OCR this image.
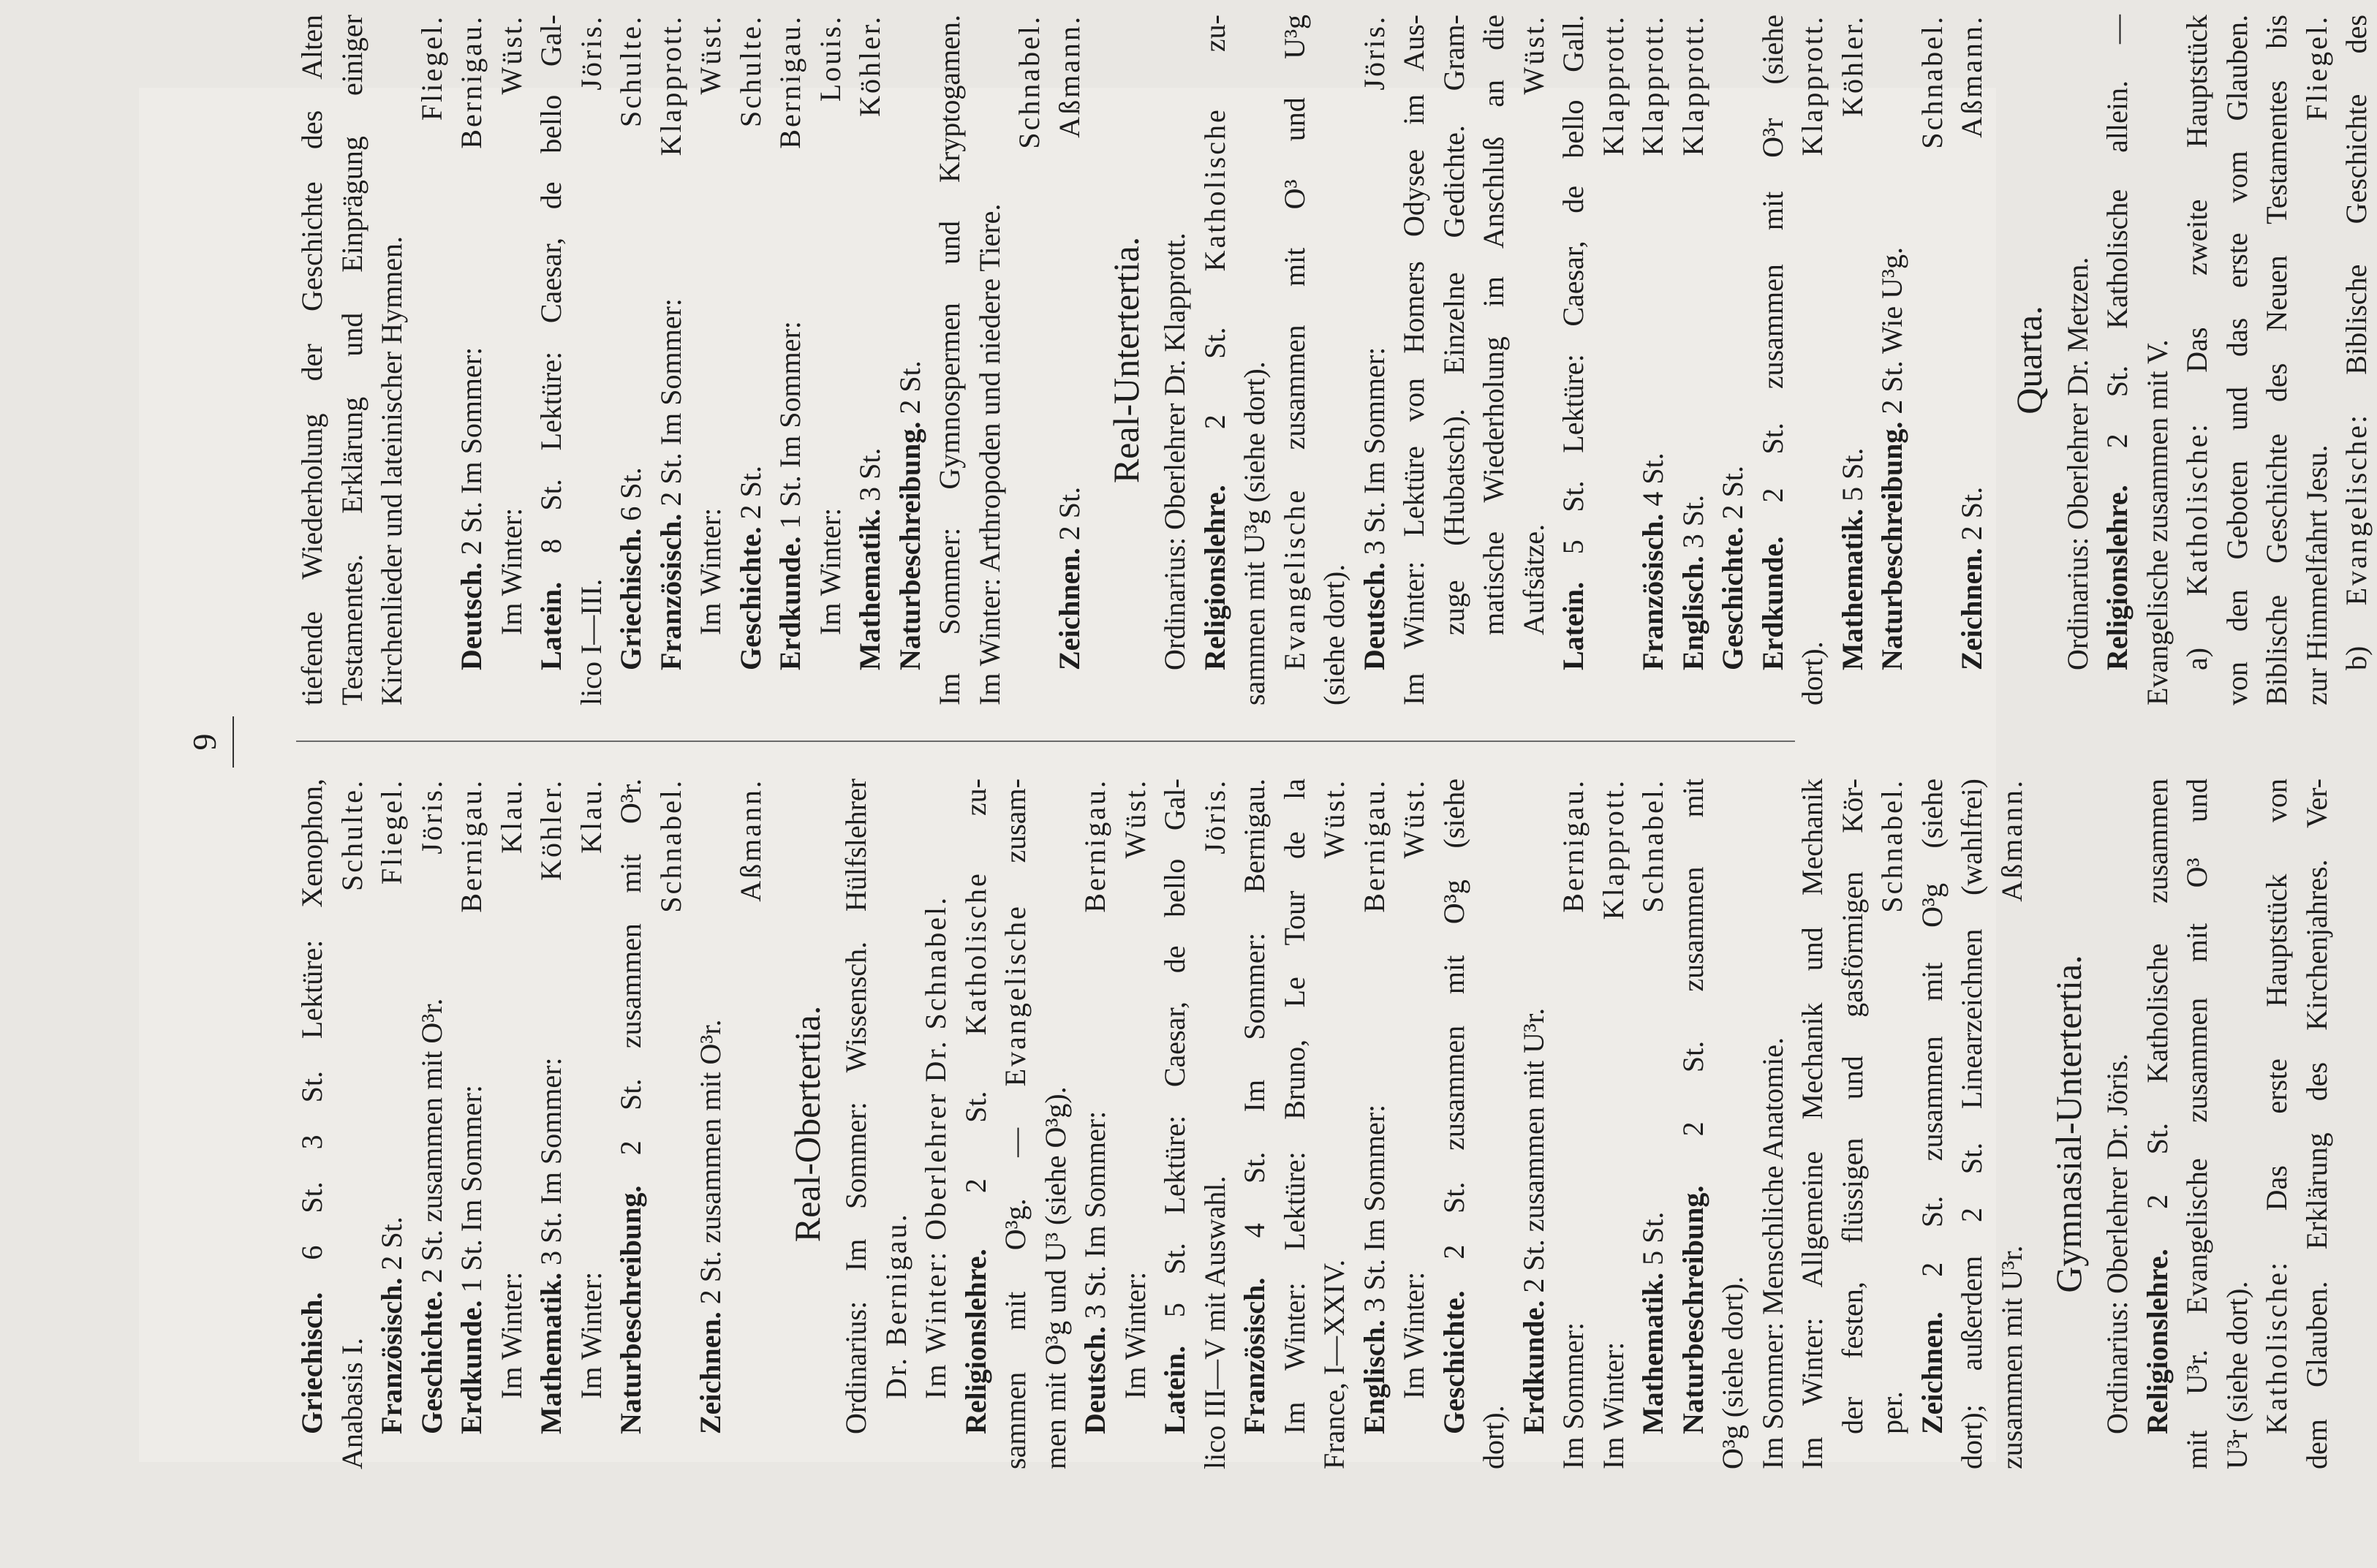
9
Griechisch. 6 St. 3 St. Lektüre: Xenophon,
Anabasis I.
Schulte.
Französisch. 2 St.
Fliegel.
Geschichte. 2 St. zusammen mit O³r.
Jöris.
Erdkunde. 1 St. Im Sommer:
Bernigau.
Im Winter:
Klau.
Mathematik. 3 St. Im Sommer:
Köhler.
Im Winter:
Klau.
Naturbeschreibung. 2 St. zusammen mit O³r. Schnabel.
Zeichnen. 2 St. zusammen mit O³r.
Aßmann.
Real-Obertertia. Ordinarius: Im Sommer: Wissensch. Hülfslehrer Dr. Bernigau. Im Winter: Oberlehrer Dr. Schnabel. Religionslehre. 2 St. Katholische zu-
sammen mit O³g. — Evangelische zusam-
men mit O³g und U³ (siehe O³g). Deutsch. 3 St. Im Sommer:
Bernigau.
Im Winter:
Wüst.
Latein. 5 St. Lektüre: Caesar, de bello Gal- lico III—V mit Auswahl.
Jöris.
Französisch. 4 St. Im Sommer: Bernigau. Im Winter: Lektüre: Bruno, Le Tour de la France, I—XXIV.
Wüst.
Englisch. 3 St. Im Sommer:
Bernigau.
Im Winter:
Wüst.
Geschichte. 2 St. zusammen mit O³g (siehe
dort).
Erdkunde. 2 St. zusammen mit U³r.
Im Sommer:
Bernigau.
Im Winter:
Klapprott.
Mathematik. 5 St.
Schnabel.
Naturbeschreibung. 2 St. zusammen mit
O³g (siehe dort). Im Sommer: Menschliche Anatomie. Im Winter: Allgemeine Mechanik und Mechanik der festen, flüssigen und gasförmigen Kör- per.
Schnabel.
Zeichnen. 2 St. zusammen mit O³g (siehe dort); außerdem 2 St. Linearzeichnen (wahlfrei) zusammen mit U³r.
Aßmann.
Gymnasial-Untertertia. Ordinarius: Oberlehrer Dr. Jöris. Religionslehre. 2 St. Katholische zusammen mit U³r. Evangelische zusammen mit O³ und U³r (siehe dort). Katholische: Das erste Hauptstück von dem Glauben. Erklärung des Kirchenjahres. Ver-
tiefende Wiederholung der Geschichte des Alten Testamentes. Erklärung und Einprägung einiger Kirchenlieder und lateinischer Hymnen.
Fliegel.
Deutsch. 2 St. Im Sommer:
Bernigau.
Im Winter:
Wüst.
Latein. 8 St. Lektüre: Caesar, de bello Gal-
lico I—III.
Jöris.
Griechisch. 6 St.
Schulte.
Französisch. 2 St. Im Sommer:
Klapprott.
Im Winter:
Wüst.
Geschichte. 2 St.
Schulte.
Erdkunde. 1 St. Im Sommer:
Bernigau.
Im Winter:
Louis.
Mathematik. 3 St.
Köhler.
Naturbeschreibung. 2 St. Im Sommer: Gymnospermen und Kryptogamen. Im Winter: Arthropoden und niedere Tiere.
Schnabel.
Zeichnen. 2 St.
Aßmann.
Real-Untertertia. Ordinarius: Oberlehrer Dr. Klapprott. Religionslehre. 2 St. Katholische zu-
sammen mit U³g (siehe dort). Evangelische zusammen mit O³ und U³g
(siehe dort). Deutsch. 3 St. Im Sommer:
Jöris. Im Winter: Lektüre von Homers Odysee im Aus- zuge (Hubatsch). Einzelne Gedichte. Gram- matische Wiederholung im Anschluß an die Aufsätze.
Wüst.
Latein. 5 St. Lektüre: Caesar, de bello Gall. Klapprott.
Französisch. 4 St.
Klapprott.
Englisch. 3 St.
Klapprott.
Geschichte. 2 St.
Erdkunde. 2 St. zusammen mit O³r (siehe
dort).
Klapprott.
Mathematik. 5 St.
Köhler.
Naturbeschreibung. 2 St. Wie U³g.
Schnabel.
Zeichnen. 2 St.
Aßmann.
Quarta. Ordinarius: Oberlehrer Dr. Metzen. Religionslehre. 2 St. Katholische allein. —
Evangelische zusammen mit V. a) Katholische: Das zweite Hauptstück von den Geboten und das erste vom Glauben. Biblische Geschichte des Neuen Testamentes bis zur Himmelfahrt Jesu.
Fliegel.
b) Evangelische: Biblische Geschichte des
